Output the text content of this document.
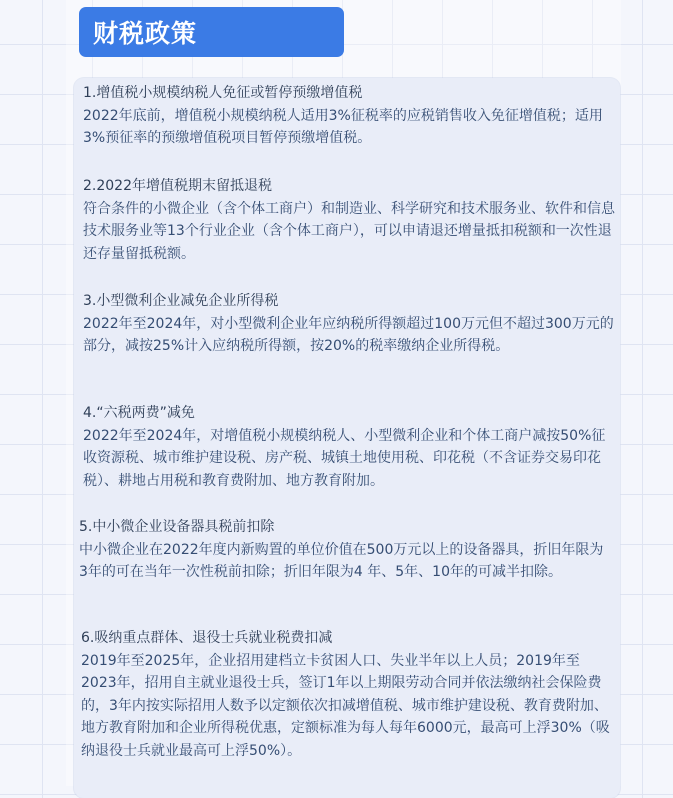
财税政策
1.增值税小规模纳税人免征或暂停预缴增值税
2022年底前，增值税小规模纳税人适用3%征税率的应税销售收入免征增值税；适用3%预征率的预缴增值税项目暂停预缴增值税。
2.2022年增值税期末留抵退税
符合条件的小微企业（含个体工商户）和制造业、科学研究和技术服务业、软件和信息技术服务业等13个行业企业（含个体工商户），可以申请退还增量抵扣税额和一次性退还存量留抵税额。
3.小型微利企业减免企业所得税
2022年至2024年，对小型微利企业年应纳税所得额超过100万元但不超过300万元的部分，减按25%计入应纳税所得额，按20%的税率缴纳企业所得税。
4.“六税两费”减免
2022年至2024年，对增值税小规模纳税人、小型微利企业和个体工商户减按50%征收资源税、城市维护建设税、房产税、城镇土地使用税、印花税（不含证券交易印花税）、耕地占用税和教育费附加、地方教育附加。
5.中小微企业设备器具税前扣除
中小微企业在2022年度内新购置的单位价值在500万元以上的设备器具，折旧年限为3年的可在当年一次性税前扣除；折旧年限为4 年、5年、10年的可减半扣除。
6.吸纳重点群体、退役士兵就业税费扣减
2019年至2025年，企业招用建档立卡贫困人口、失业半年以上人员；2019年至2023年，招用自主就业退役士兵，签订1年以上期限劳动合同并依法缴纳社会保险费的，3年内按实际招用人数予以定额依次扣减增值税、城市维护建设税、教育费附加、地方教育附加和企业所得税优惠，定额标准为每人每年6000元，最高可上浮30%（吸纳退役士兵就业最高可上浮50%）。
